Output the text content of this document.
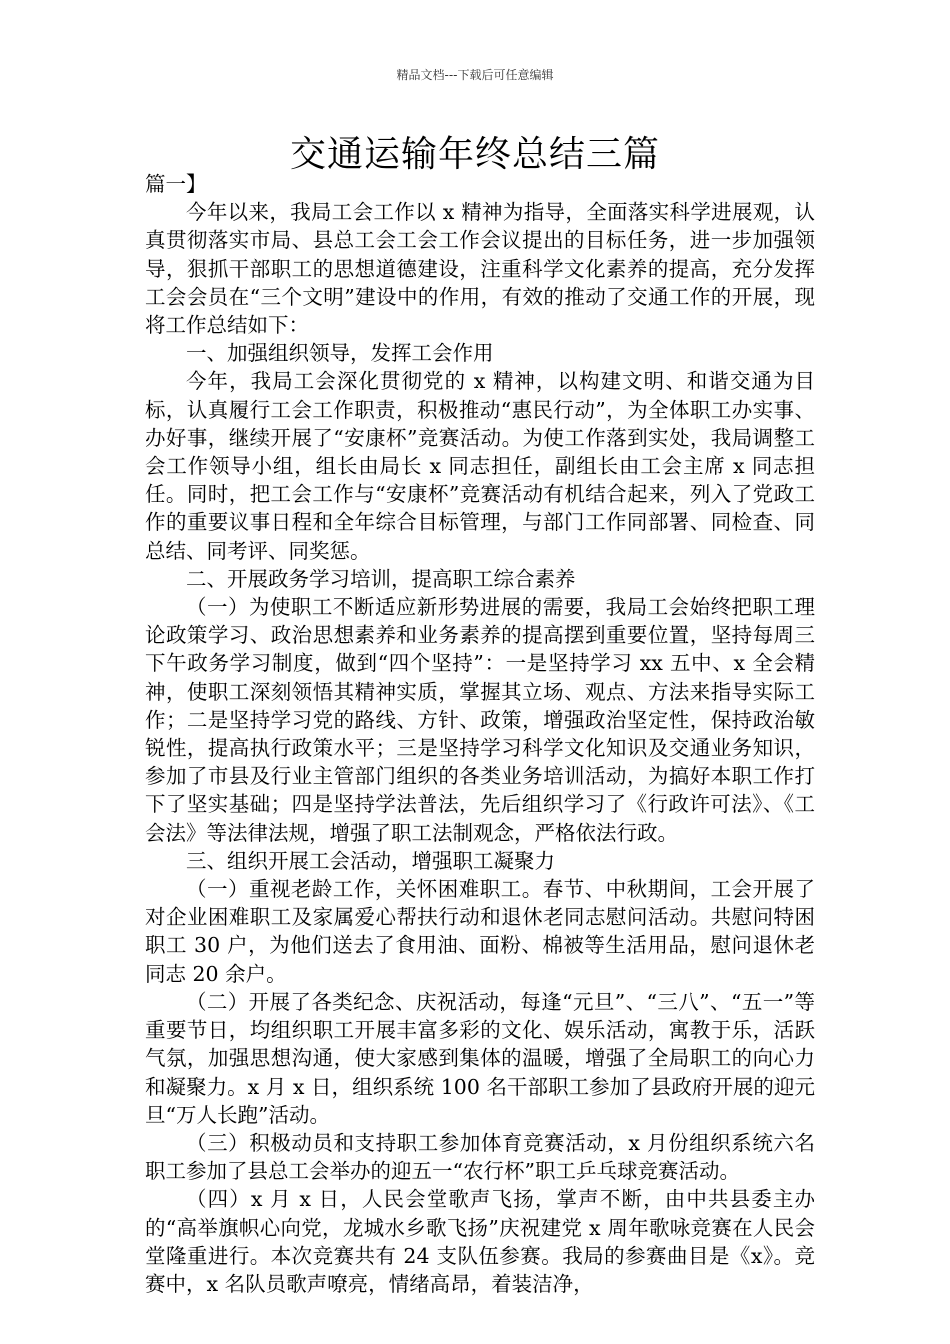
精品文档---下载后可任意编辑
交通运输年终总结三篇

篇一】

今年以来，我局工会工作以 x 精神为指导，全面落实科学进展观，认真贯彻落实市局、县总工会工会工作会议提出的目标任务，进一步加强领导，狠抓干部职工的思想道德建设，注重科学文化素养的提高，充分发挥工会会员在“三个文明”建设中的作用，有效的推动了交通工作的开展，现将工作总结如下：

一、加强组织领导，发挥工会作用

今年，我局工会深化贯彻党的 x 精神，以构建文明、和谐交通为目标，认真履行工会工作职责，积极推动“惠民行动”，为全体职工办实事、办好事，继续开展了“安康杯”竞赛活动。为使工作落到实处，我局调整工会工作领导小组，组长由局长 x 同志担任，副组长由工会主席 x 同志担任。同时，把工会工作与“安康杯”竞赛活动有机结合起来，列入了党政工作的重要议事日程和全年综合目标管理，与部门工作同部署、同检查、同总结、同考评、同奖惩。

二、开展政务学习培训，提高职工综合素养

（一）为使职工不断适应新形势进展的需要，我局工会始终把职工理论政策学习、政治思想素养和业务素养的提高摆到重要位置，坚持每周三下午政务学习制度，做到“四个坚持”：一是坚持学习 xx 五中、x 全会精神，使职工深刻领悟其精神实质，掌握其立场、观点、方法来指导实际工作；二是坚持学习党的路线、方针、政策，增强政治坚定性，保持政治敏锐性，提高执行政策水平；三是坚持学习科学文化知识及交通业务知识，参加了市县及行业主管部门组织的各类业务培训活动，为搞好本职工作打下了坚实基础；四是坚持学法普法，先后组织学习了《行政许可法》、《工会法》等法律法规，增强了职工法制观念，严格依法行政。

三、组织开展工会活动，增强职工凝聚力

（一）重视老龄工作，关怀困难职工。春节、中秋期间，工会开展了对企业困难职工及家属爱心帮扶行动和退休老同志慰问活动。共慰问特困职工 30 户，为他们送去了食用油、面粉、棉被等生活用品，慰问退休老同志 20 余户。

（二）开展了各类纪念、庆祝活动，每逢“元旦”、“三八”、“五一”等重要节日，均组织职工开展丰富多彩的文化、娱乐活动，寓教于乐，活跃气氛，加强思想沟通，使大家感到集体的温暖，增强了全局职工的向心力和凝聚力。x 月 x 日，组织系统 100 名干部职工参加了县政府开展的迎元旦“万人长跑”活动。

（三）积极动员和支持职工参加体育竞赛活动，x 月份组织系统六名职工参加了县总工会举办的迎五一“农行杯”职工乒乓球竞赛活动。

（四）x 月 x 日，人民会堂歌声飞扬，掌声不断，由中共县委主办的“高举旗帜心向党，龙城水乡歌飞扬”庆祝建党 x 周年歌咏竞赛在人民会堂隆重进行。本次竞赛共有 24 支队伍参赛。我局的参赛曲目是《x》。竞赛中，x 名队员歌声嘹亮，情绪高昂，着装洁净，
